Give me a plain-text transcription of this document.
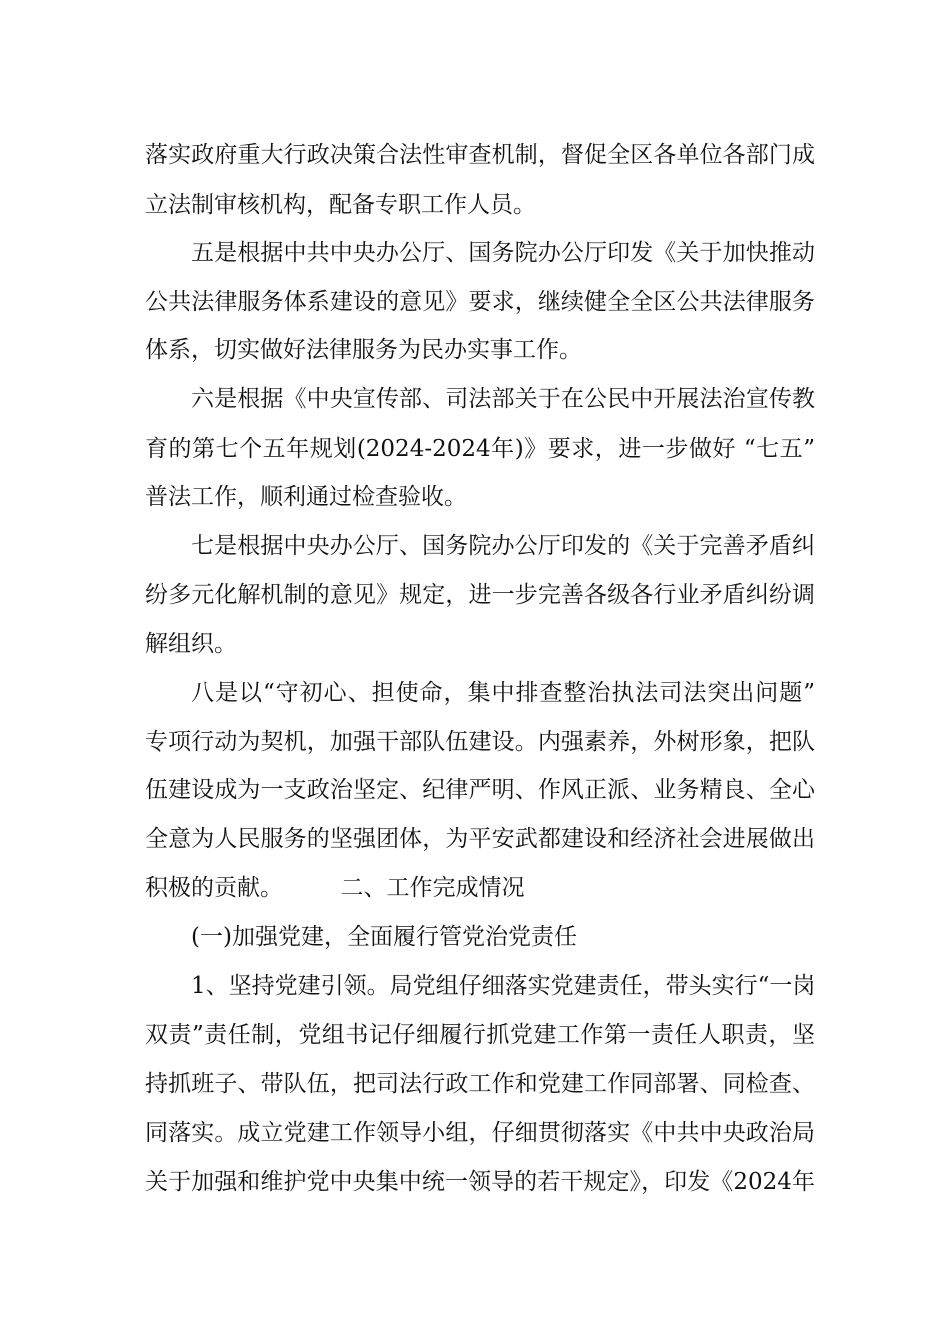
落实政府重大行政决策合法性审查机制，督促全区各单位各部门成
立法制审核机构，配备专职工作人员。
五是根据中共中央办公厅、国务院办公厅印发《关于加快推动
公共法律服务体系建设的意见》要求，继续健全全区公共法律服务
体系，切实做好法律服务为民办实事工作。
六是根据《中央宣传部、司法部关于在公民中开展法治宣传教
育的第七个五年规划(2024-2024年)》要求，进一步做好 “七五”
普法工作，顺利通过检查验收。
七是根据中央办公厅、国务院办公厅印发的《关于完善矛盾纠
纷多元化解机制的意见》规定，进一步完善各级各行业矛盾纠纷调
解组织。
八是以“守初心、担使命，集中排查整治执法司法突出问题”
专项行动为契机，加强干部队伍建设。内强素养，外树形象，把队
伍建设成为一支政治坚定、纪律严明、作风正派、业务精良、全心
全意为人民服务的坚强团体，为平安武都建设和经济社会进展做出
积极的贡献。　　　二、工作完成情况
(一)加强党建，全面履行管党治党责任
1、坚持党建引领。局党组仔细落实党建责任，带头实行“一岗
双责”责任制，党组书记仔细履行抓党建工作第一责任人职责，坚
持抓班子、带队伍，把司法行政工作和党建工作同部署、同检查、
同落实。成立党建工作领导小组，仔细贯彻落实《中共中央政治局
关于加强和维护党中央集中统一领导的若干规定》，印发《2024年
